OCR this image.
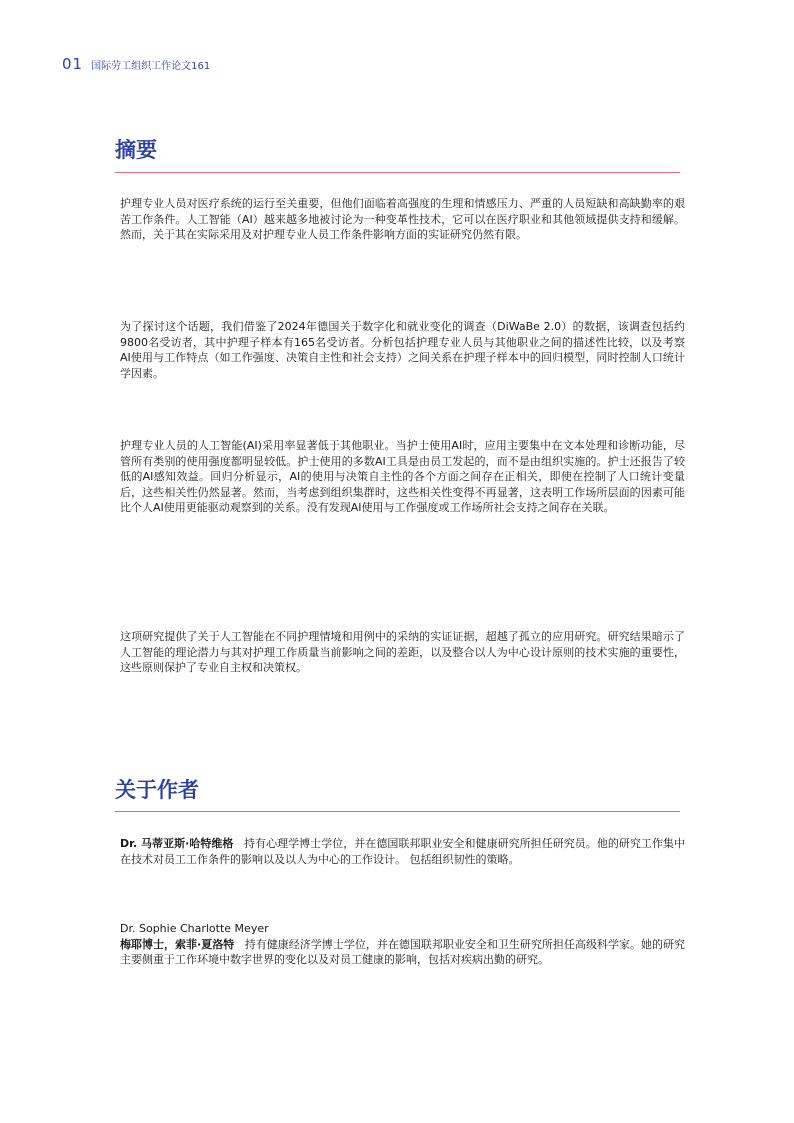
01 国际劳工组织工作论文161
摘要

护理专业人员对医疗系统的运行至关重要，但他们面临着高强度的生理和情感压力、严重的人员短缺和高缺勤率的艰苦工作条件。人工智能（AI）越来越多地被讨论为一种变革性技术，它可以在医疗职业和其他领域提供支持和缓解。然而，关于其在实际采用及对护理专业人员工作条件影响方面的实证研究仍然有限。

为了探讨这个话题，我们借鉴了2024年德国关于数字化和就业变化的调查（DiWaBe 2.0）的数据，该调查包括约9800名受访者，其中护理子样本有165名受访者。分析包括护理专业人员与其他职业之间的描述性比较，以及考察AI使用与工作特点（如工作强度、决策自主性和社会支持）之间关系在护理子样本中的回归模型，同时控制人口统计学因素。

护理专业人员的人工智能(AI)采用率显著低于其他职业。当护士使用AI时，应用主要集中在文本处理和诊断功能，尽管所有类别的使用强度都明显较低。护士使用的多数AI工具是由员工发起的，而不是由组织实施的。护士还报告了较低的AI感知效益。回归分析显示，AI的使用与决策自主性的各个方面之间存在正相关，即使在控制了人口统计变量后，这些相关性仍然显著。然而，当考虑到组织集群时，这些相关性变得不再显著，这表明工作场所层面的因素可能比个人AI使用更能驱动观察到的关系。没有发现AI使用与工作强度或工作场所社会支持之间存在关联。

这项研究提供了关于人工智能在不同护理情境和用例中的采纳的实证证据，超越了孤立的应用研究。研究结果暗示了人工智能的理论潜力与其对护理工作质量当前影响之间的差距，以及整合以人为中心设计原则的技术实施的重要性，这些原则保护了专业自主权和决策权。

关于作者

Dr. 马蒂亚斯·哈特维格 持有心理学博士学位，并在德国联邦职业安全和健康研究所担任研究员。他的研究工作集中在技术对员工工作条件的影响以及以人为中心的工作设计。 包括组织韧性的策略。

Dr. Sophie Charlotte Meyer
梅耶博士，索菲·夏洛特 持有健康经济学博士学位，并在德国联邦职业安全和卫生研究所担任高级科学家。她的研究主要侧重于工作环境中数字世界的变化以及对员工健康的影响，包括对疾病出勤的研究。
